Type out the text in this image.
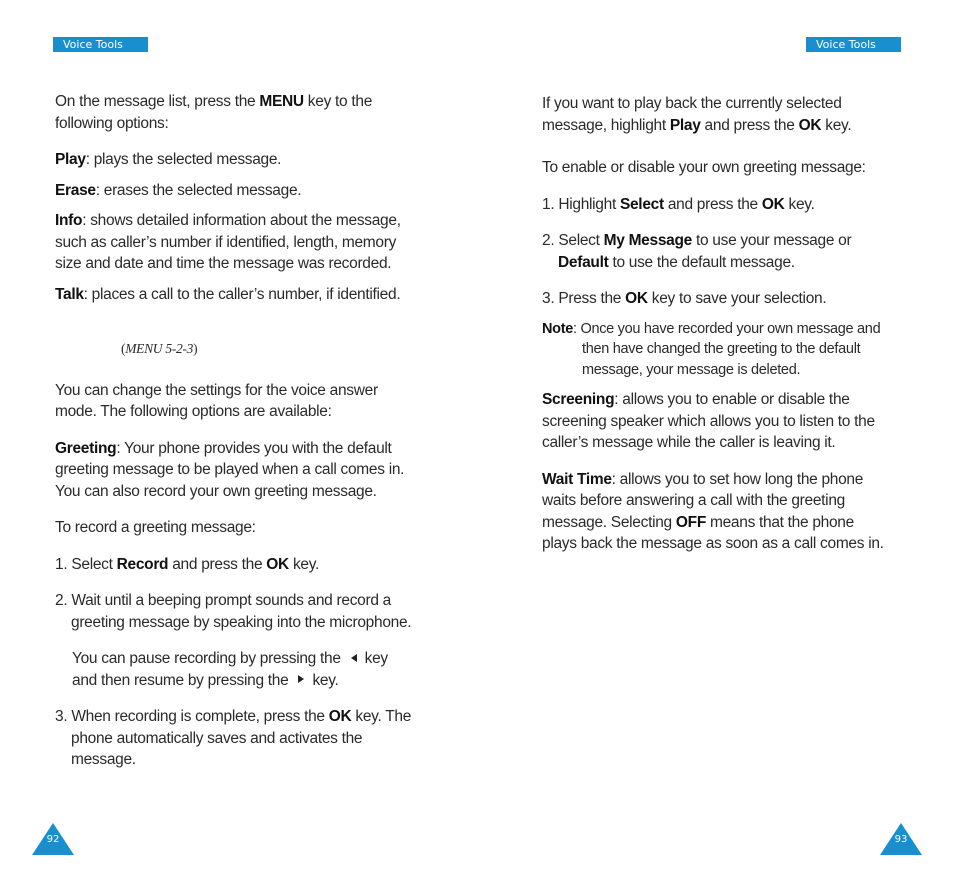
Voice Tools	Voice Tools

On the message list, press the MENU key to the following options:

Play: plays the selected message.

Erase: erases the selected message.

Info: shows detailed information about the message, such as caller’s number if identified, length, memory size and date and time the message was recorded.

Talk: places a call to the caller’s number, if identified.

(MENU 5-2-3)

You can change the settings for the voice answer mode. The following options are available:

Greeting: Your phone provides you with the default greeting message to be played when a call comes in. You can also record your own greeting message.

To record a greeting message:

1. Select Record and press the OK key.

2. Wait until a beeping prompt sounds and record a greeting message by speaking into the microphone.

You can pause recording by pressing the key and then resume by pressing the key.

3. When recording is complete, press the OK key. The phone automatically saves and activates the message.

If you want to play back the currently selected message, highlight Play and press the OK key.

To enable or disable your own greeting message:

1. Highlight Select and press the OK key.

2. Select My Message to use your message or Default to use the default message.

3. Press the OK key to save your selection.

Note: Once you have recorded your own message and then have changed the greeting to the default message, your message is deleted.

Screening: allows you to enable or disable the screening speaker which allows you to listen to the caller’s message while the caller is leaving it.

Wait Time: allows you to set how long the phone waits before answering a call with the greeting message. Selecting OFF means that the phone plays back the message as soon as a call comes in.

92	93
